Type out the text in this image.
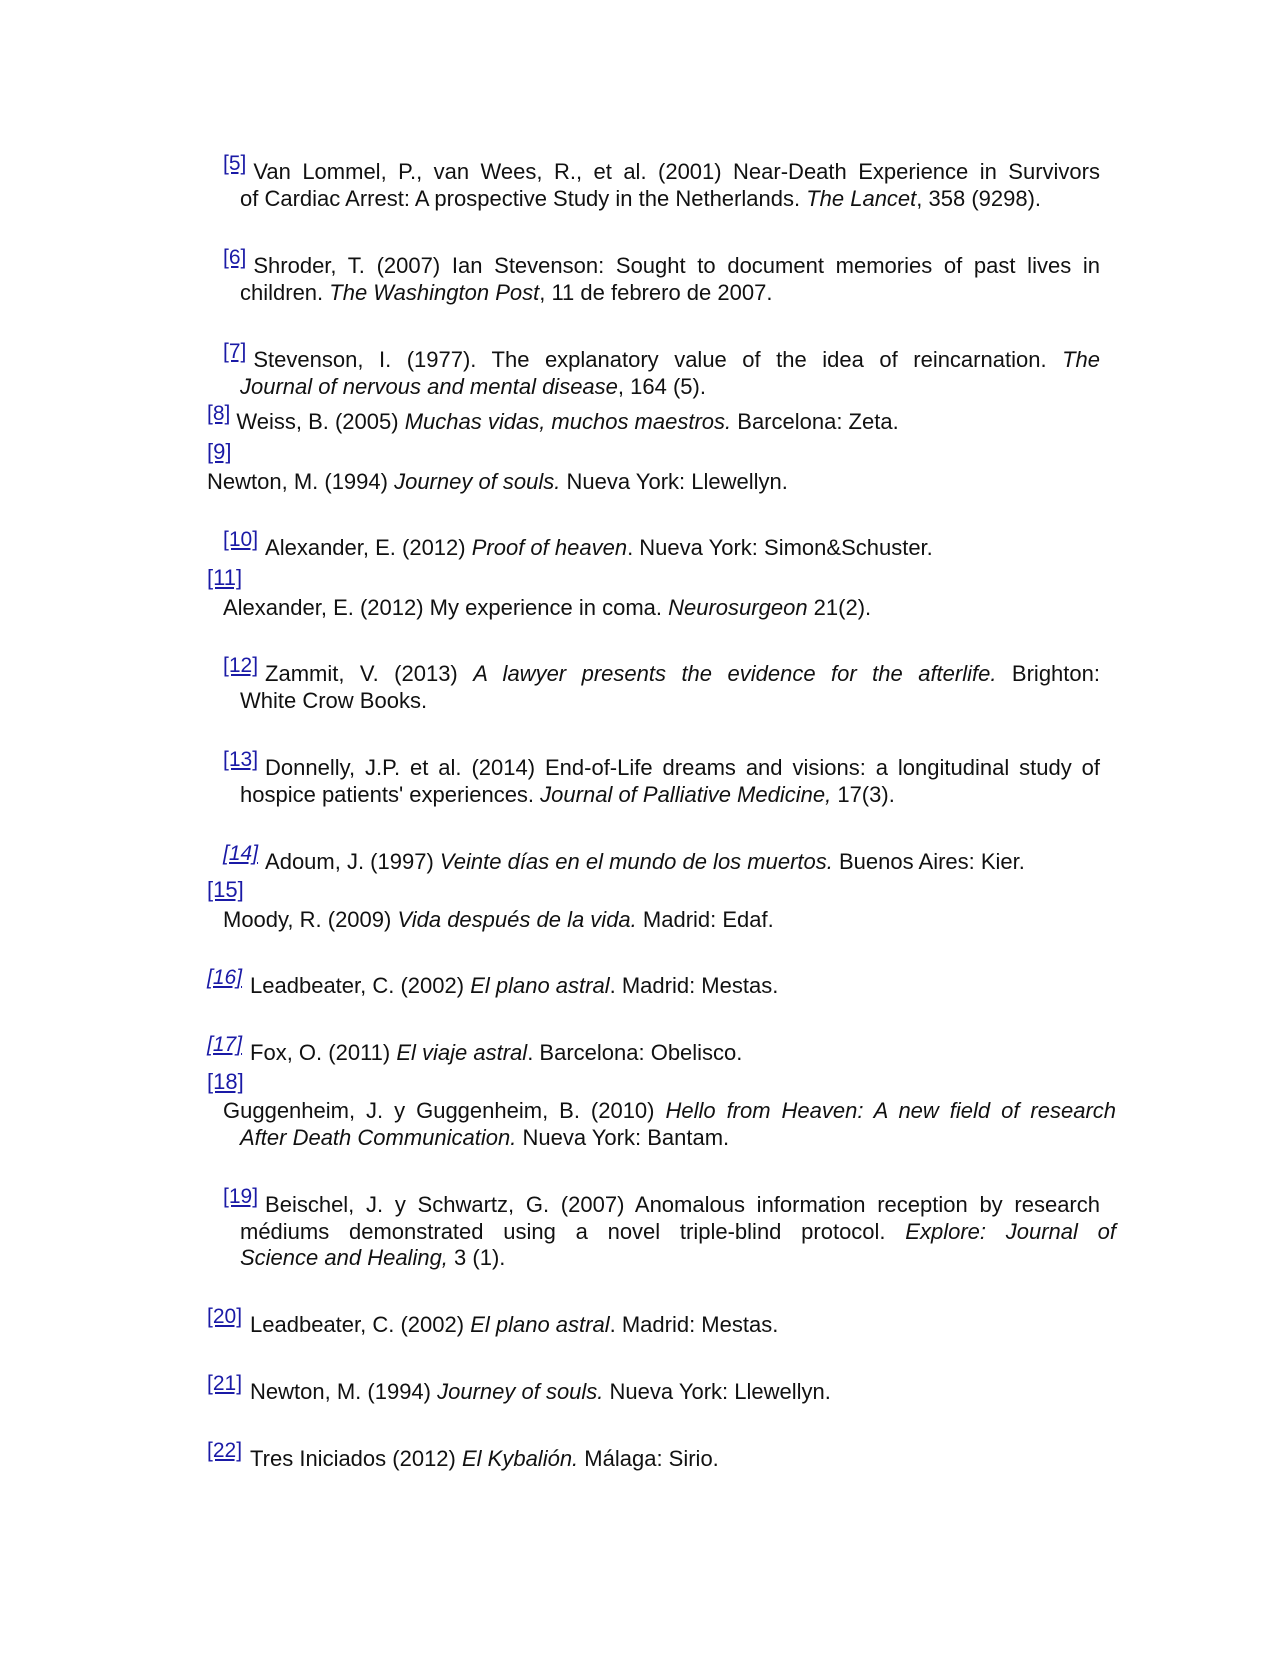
[5] Van Lommel, P., van Wees, R., et al. (2001) Near-Death Experience in Survivors
of Cardiac Arrest: A prospective Study in the Netherlands. The Lancet, 358 (9298).
[6] Shroder, T. (2007) Ian Stevenson: Sought to document memories of past lives in
children. The Washington Post, 11 de febrero de 2007.
[7] Stevenson, I. (1977). The explanatory value of the idea of reincarnation. The
Journal of nervous and mental disease, 164 (5).
[8] Weiss, B. (2005) Muchas vidas, muchos maestros. Barcelona: Zeta.
[9]
Newton, M. (1994) Journey of souls. Nueva York: Llewellyn.
[10] Alexander, E. (2012) Proof of heaven. Nueva York: Simon&Schuster.
[11]
Alexander, E. (2012) My experience in coma. Neurosurgeon 21(2).
[12] Zammit, V. (2013) A lawyer presents the evidence for the afterlife. Brighton:
White Crow Books.
[13] Donnelly, J.P. et al. (2014) End-of-Life dreams and visions: a longitudinal study of
hospice patients' experiences. Journal of Palliative Medicine, 17(3).
[14] Adoum, J. (1997) Veinte días en el mundo de los muertos. Buenos Aires: Kier.
[15]
Moody, R. (2009) Vida después de la vida. Madrid: Edaf.
[16] Leadbeater, C. (2002) El plano astral. Madrid: Mestas.
[17] Fox, O. (2011) El viaje astral. Barcelona: Obelisco.
[18]
Guggenheim, J. y Guggenheim, B. (2010) Hello from Heaven: A new field of research
After Death Communication. Nueva York: Bantam.
[19] Beischel, J. y Schwartz, G. (2007) Anomalous information reception by research
médiums demonstrated using a novel triple-blind protocol. Explore: Journal of
Science and Healing, 3 (1).
[20] Leadbeater, C. (2002) El plano astral. Madrid: Mestas.
[21] Newton, M. (1994) Journey of souls. Nueva York: Llewellyn.
[22] Tres Iniciados (2012) El Kybalión. Málaga: Sirio.
